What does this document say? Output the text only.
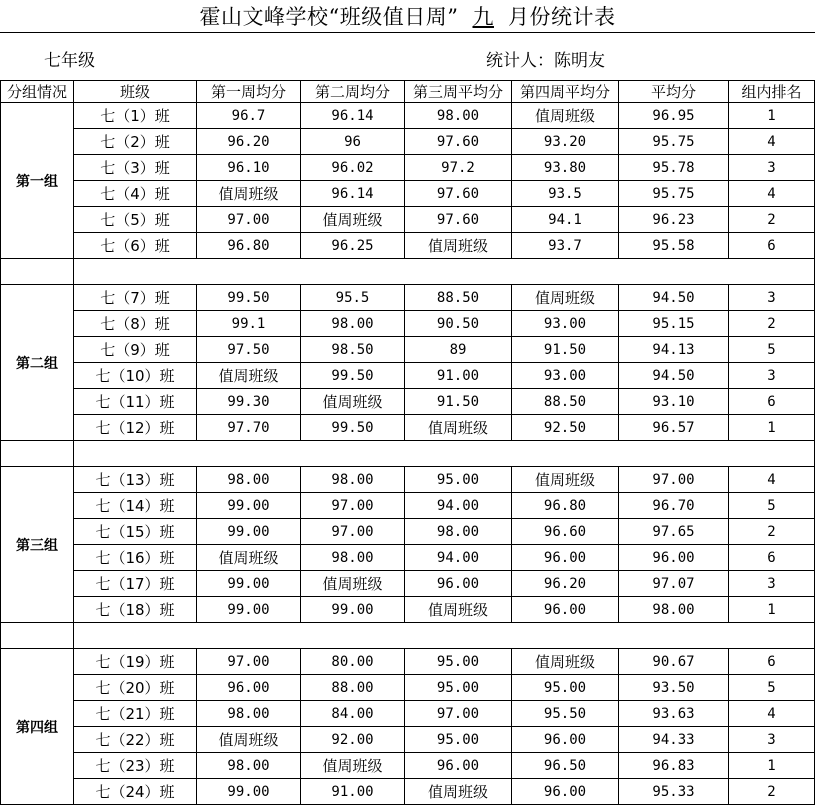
霍山文峰学校“班级值日周” 九 月份统计表
七年级	统计人：陈明友
分组情况	班级	第一周均分	第二周均分	第三周平均分	第四周平均分	平均分	组内排名
第一组	七（1）班	96.7	96.14	98.00	值周班级	96.95	1
	七（2）班	96.20	96	97.60	93.20	95.75	4
	七（3）班	96.10	96.02	97.2	93.80	95.78	3
	七（4）班	值周班级	96.14	97.60	93.5	95.75	4
	七（5）班	97.00	值周班级	97.60	94.1	96.23	2
	七（6）班	96.80	96.25	值周班级	93.7	95.58	6

第二组	七（7）班	99.50	95.5	88.50	值周班级	94.50	3
	七（8）班	99.1	98.00	90.50	93.00	95.15	2
	七（9）班	97.50	98.50	89	91.50	94.13	5
	七（10）班	值周班级	99.50	91.00	93.00	94.50	3
	七（11）班	99.30	值周班级	91.50	88.50	93.10	6
	七（12）班	97.70	99.50	值周班级	92.50	96.57	1

第三组	七（13）班	98.00	98.00	95.00	值周班级	97.00	4
	七（14）班	99.00	97.00	94.00	96.80	96.70	5
	七（15）班	99.00	97.00	98.00	96.60	97.65	2
	七（16）班	值周班级	98.00	94.00	96.00	96.00	6
	七（17）班	99.00	值周班级	96.00	96.20	97.07	3
	七（18）班	99.00	99.00	值周班级	96.00	98.00	1

第四组	七（19）班	97.00	80.00	95.00	值周班级	90.67	6
	七（20）班	96.00	88.00	95.00	95.00	93.50	5
	七（21）班	98.00	84.00	97.00	95.50	93.63	4
	七（22）班	值周班级	92.00	95.00	96.00	94.33	3
	七（23）班	98.00	值周班级	96.00	96.50	96.83	1
	七（24）班	99.00	91.00	值周班级	96.00	95.33	2
